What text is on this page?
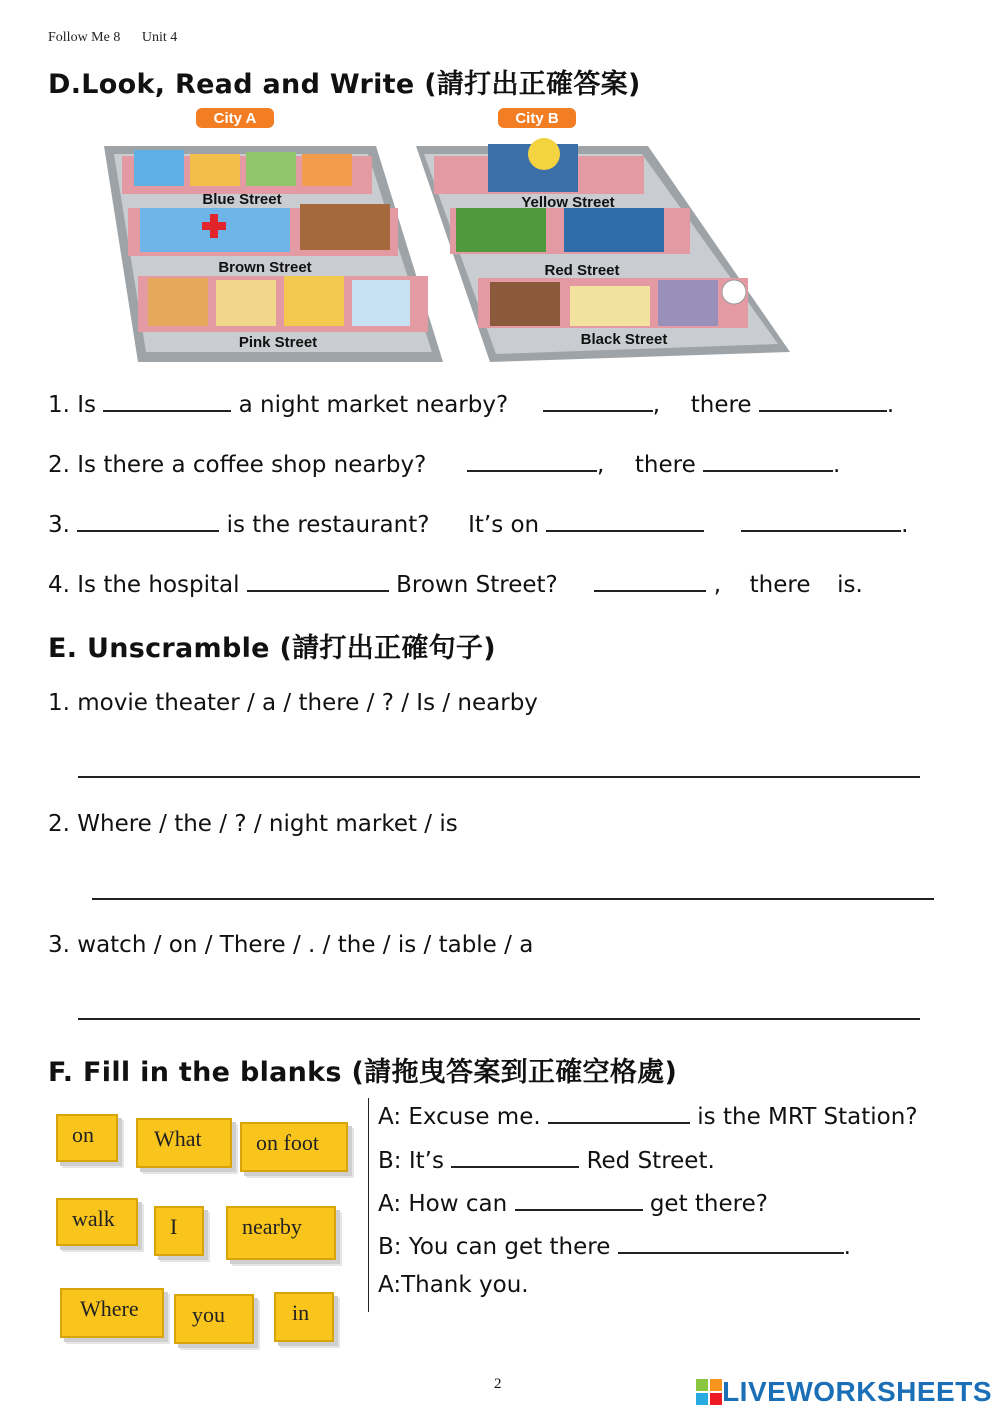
Follow Me 8 Unit 4
D.Look, Read and Write (請打出正確答案)
City A	City B
Blue Street
Brown Street
Pink Street
Yellow Street
Red Street
Black Street
1. Is	a night market nearby?	, there	.
2. Is there a coffee shop nearby?	, there	.
3.	is the restaurant? It’s on	.
4. Is the hospital	Brown Street?	, there is.
E. Unscramble (請打出正確句子)
1. movie theater / a / there / ? / Is / nearby
2. Where / the / ? / night market / is
3. watch / on / There / . / the / is / table / a
F. Fill in the blanks (請拖曳答案到正確空格處)
on	What	on foot
walk	I	nearby
Where	you	in
A: Excuse me.	is the MRT Station?
B: It’s	Red Street.
A: How can	get there?
B: You can get there	.
A:Thank you.
2	LIVEWORKSHEETS
